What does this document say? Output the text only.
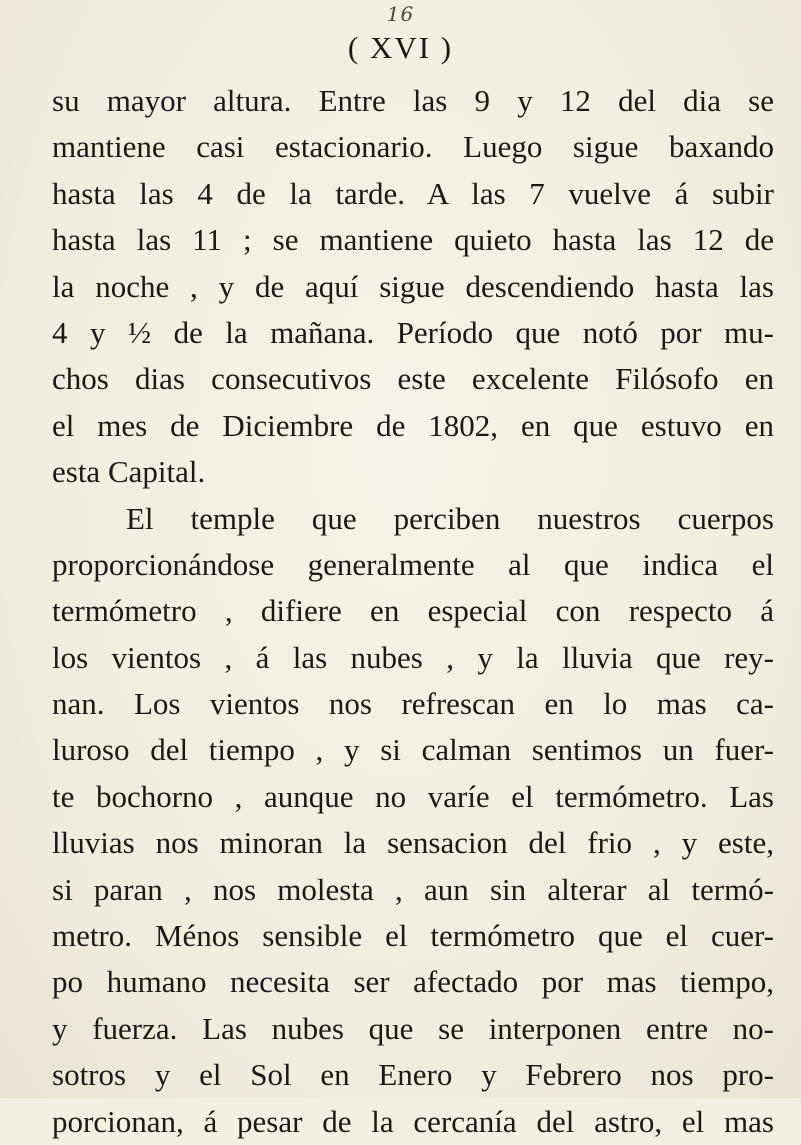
16
( XVI )
su mayor altura. Entre las 9 y 12 del dia se
mantiene casi estacionario. Luego sigue baxando
hasta las 4 de la tarde. A las 7 vuelve á subir
hasta las 11 ; se mantiene quieto hasta las 12 de
la noche , y de aquí sigue descendiendo hasta las
4 y ½ de la mañana. Período que notó por mu-
chos dias consecutivos este excelente Filósofo en
el mes de Diciembre de 1802, en que estuvo en
esta Capital.
El temple que perciben nuestros cuerpos
proporcionándose generalmente al que indica el
termómetro , difiere en especial con respecto á
los vientos , á las nubes , y la lluvia que rey-
nan. Los vientos nos refrescan en lo mas ca-
luroso del tiempo , y si calman sentimos un fuer-
te bochorno , aunque no varíe el termómetro. Las
lluvias nos minoran la sensacion del frio , y este,
si paran , nos molesta , aun sin alterar al termó-
metro. Ménos sensible el termómetro que el cuer-
po humano necesita ser afectado por mas tiempo,
y fuerza. Las nubes que se interponen entre no-
sotros y el Sol en Enero y Febrero nos pro-
porcionan, á pesar de la cercanía del astro, el mas
